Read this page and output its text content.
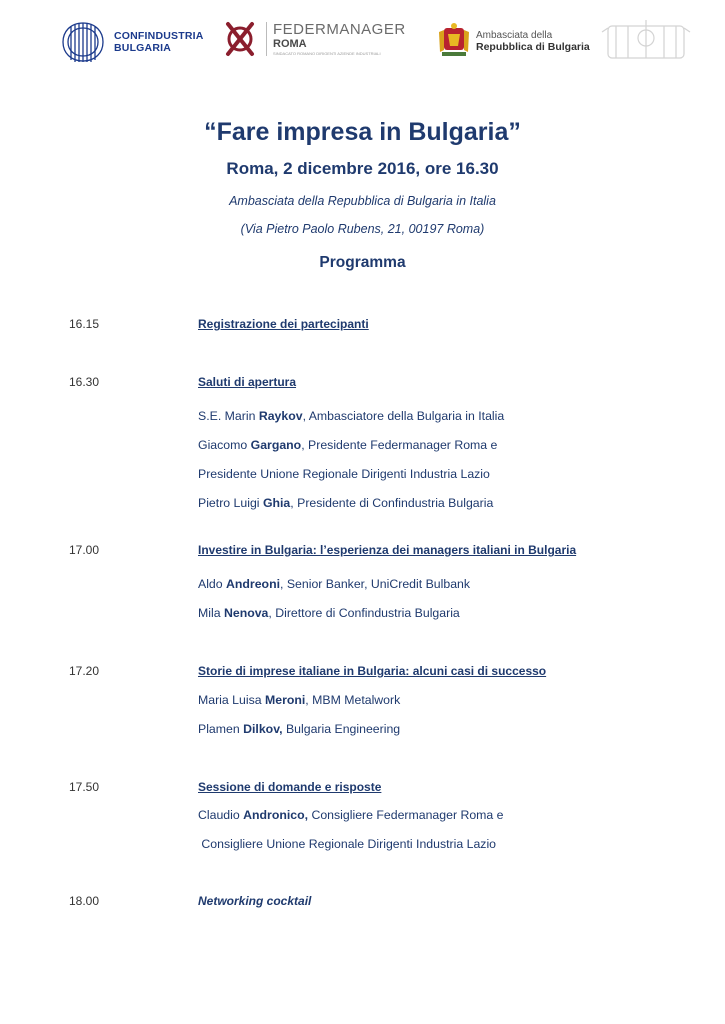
CONFINDUSTRIA
BULGARIA
FEDERMANAGER
ROMA
SINDACATO ROMANO DIRIGENTI AZIENDE INDUSTRIALI
Ambasciata della
Repubblica di Bulgaria
“Fare impresa in Bulgaria”
Roma, 2 dicembre 2016, ore 16.30
Ambasciata della Repubblica di Bulgaria in Italia
(Via Pietro Paolo Rubens, 21, 00197 Roma)
Programma
16.15	Registrazione dei partecipanti
16.30	Saluti di apertura
S.E. Marin Raykov, Ambasciatore della Bulgaria in Italia
Giacomo Gargano, Presidente Federmanager Roma e
Presidente Unione Regionale Dirigenti Industria Lazio
Pietro Luigi Ghia, Presidente di Confindustria Bulgaria
17.00	Investire in Bulgaria: l’esperienza dei managers italiani in Bulgaria
Aldo Andreoni, Senior Banker, UniCredit Bulbank
Mila Nenova, Direttore di Confindustria Bulgaria
17.20	Storie di imprese italiane in Bulgaria: alcuni casi di successo
Maria Luisa Meroni, MBM Metalwork
Plamen Dilkov, Bulgaria Engineering
17.50	Sessione di domande e risposte
Claudio Andronico, Consigliere Federmanager Roma e
Consigliere Unione Regionale Dirigenti Industria Lazio
18.00	Networking cocktail
